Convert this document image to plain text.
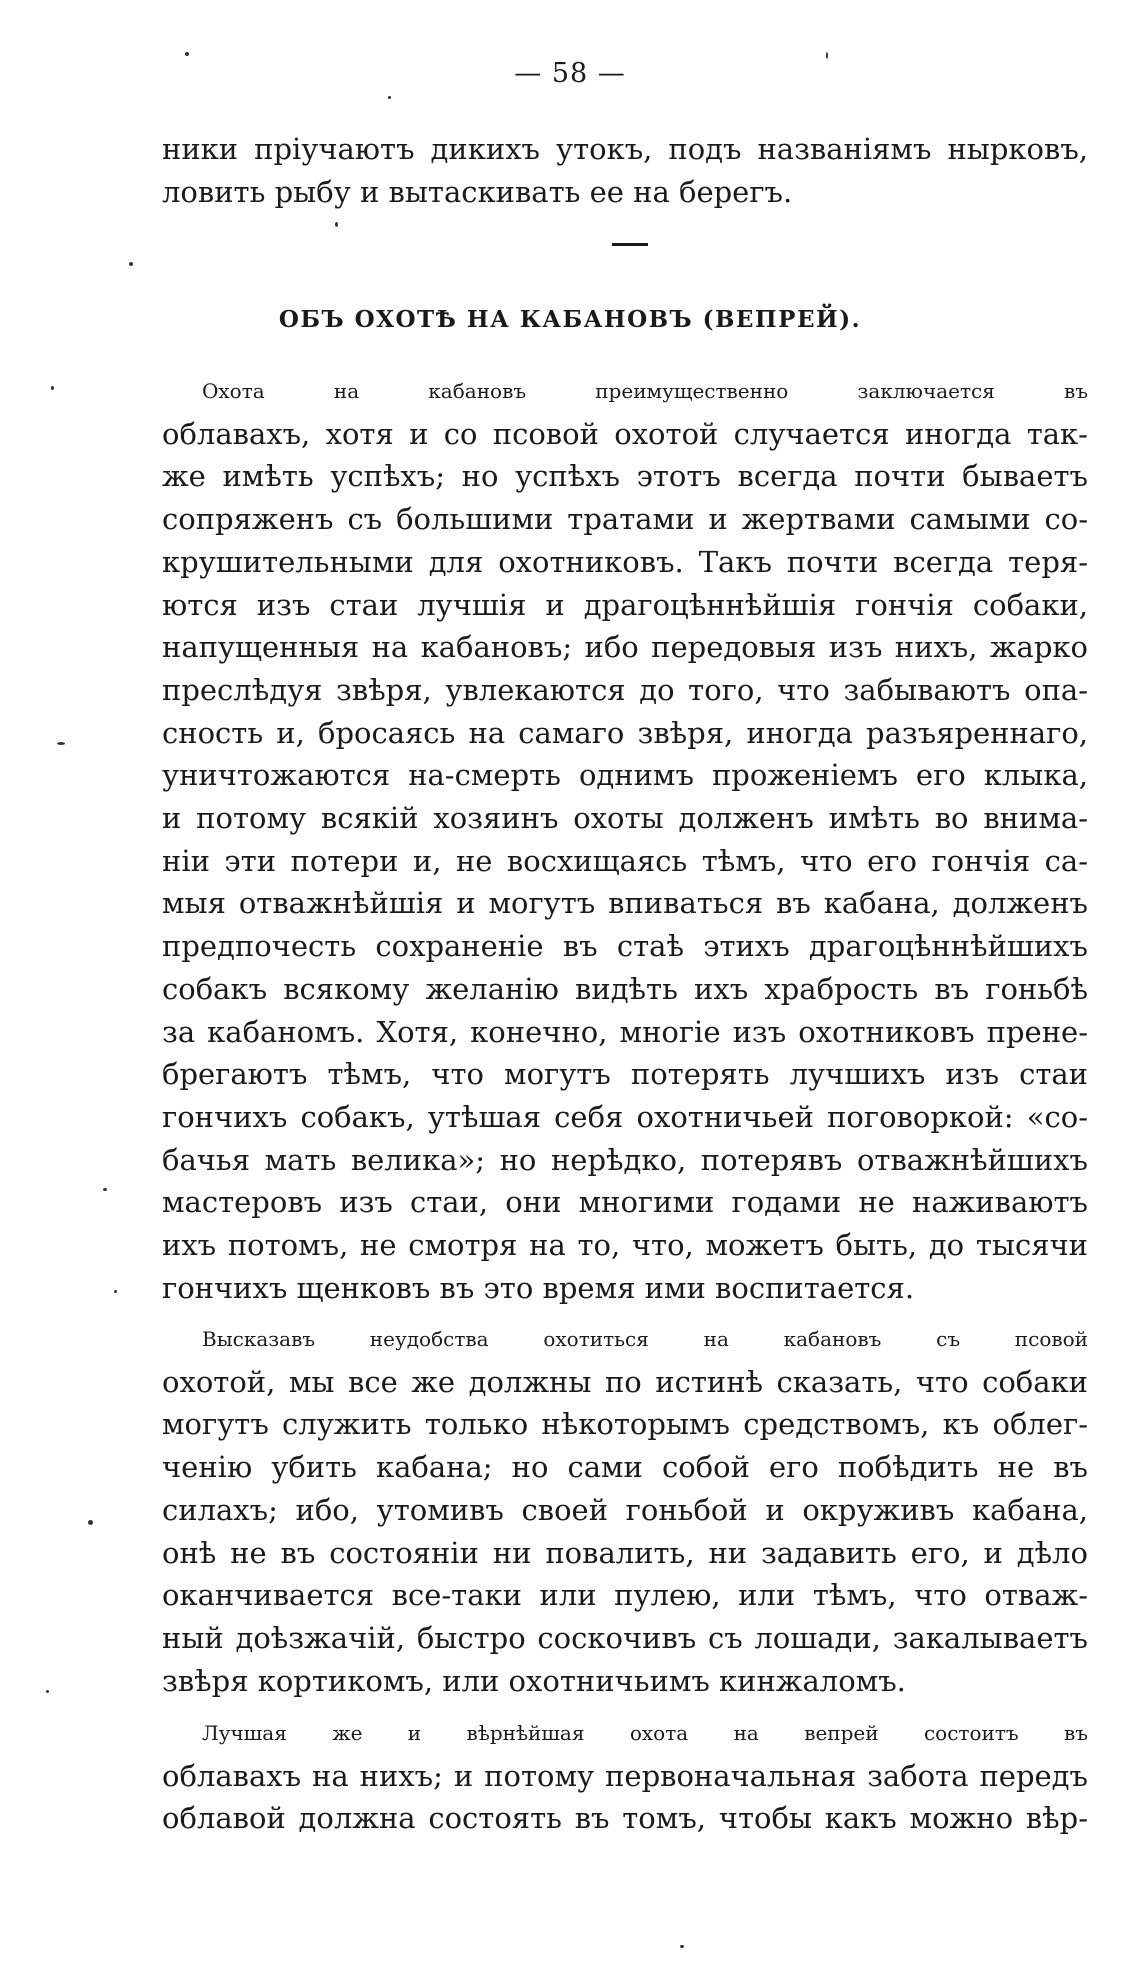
— 58 —
ники пріучаютъ дикихъ утокъ, подъ названіямъ нырковъ,
ловить рыбу и вытаскивать ее на берегъ.
ОБЪ ОХОТѢ НА КАБАНОВЪ (ВЕПРЕЙ).
Охота на кабановъ преимущественно заключается въ
облавахъ, хотя и со псовой охотой случается иногда так-
же имѣть успѣхъ; но успѣхъ этотъ всегда почти бываетъ
сопряженъ съ большими тратами и жертвами самыми со-
крушительными для охотниковъ. Такъ почти всегда теря-
ются изъ стаи лучшія и драгоцѣннѣйшія гончія собаки,
напущенныя на кабановъ; ибо передовыя изъ нихъ, жарко
преслѣдуя звѣря, увлекаются до того, что забываютъ опа-
сность и, бросаясь на самаго звѣря, иногда разъяреннаго,
уничтожаются на-смерть однимъ проженіемъ его клыка,
и потому всякій хозяинъ охоты долженъ имѣть во внима-
ніи эти потери и, не восхищаясь тѣмъ, что его гончія са-
мыя отважнѣйшія и могутъ впиваться въ кабана, долженъ
предпочесть сохраненіе въ стаѣ этихъ драгоцѣннѣйшихъ
собакъ всякому желанію видѣть ихъ храбрость въ гоньбѣ
за кабаномъ. Хотя, конечно, многіе изъ охотниковъ прене-
брегаютъ тѣмъ, что могутъ потерять лучшихъ изъ стаи
гончихъ собакъ, утѣшая себя охотничьей поговоркой: «со-
бачья мать велика»; но нерѣдко, потерявъ отважнѣйшихъ
мастеровъ изъ стаи, они многими годами не наживаютъ
ихъ потомъ, не смотря на то, что, можетъ быть, до тысячи
гончихъ щенковъ въ это время ими воспитается.
Высказавъ неудобства охотиться на кабановъ съ псовой
охотой, мы все же должны по истинѣ сказать, что собаки
могутъ служить только нѣкоторымъ средствомъ, къ облег-
ченію убить кабана; но сами собой его побѣдить не въ
силахъ; ибо, утомивъ своей гоньбой и окруживъ кабана,
онѣ не въ состояніи ни повалить, ни задавить его, и дѣло
оканчивается все-таки или пулею, или тѣмъ, что отваж-
ный доѣзжачій, быстро соскочивъ съ лошади, закалываетъ
звѣря кортикомъ, или охотничьимъ кинжаломъ.
Лучшая же и вѣрнѣйшая охота на вепрей состоитъ въ
облавахъ на нихъ; и потому первоначальная забота передъ
облавой должна состоять въ томъ, чтобы какъ можно вѣр-
